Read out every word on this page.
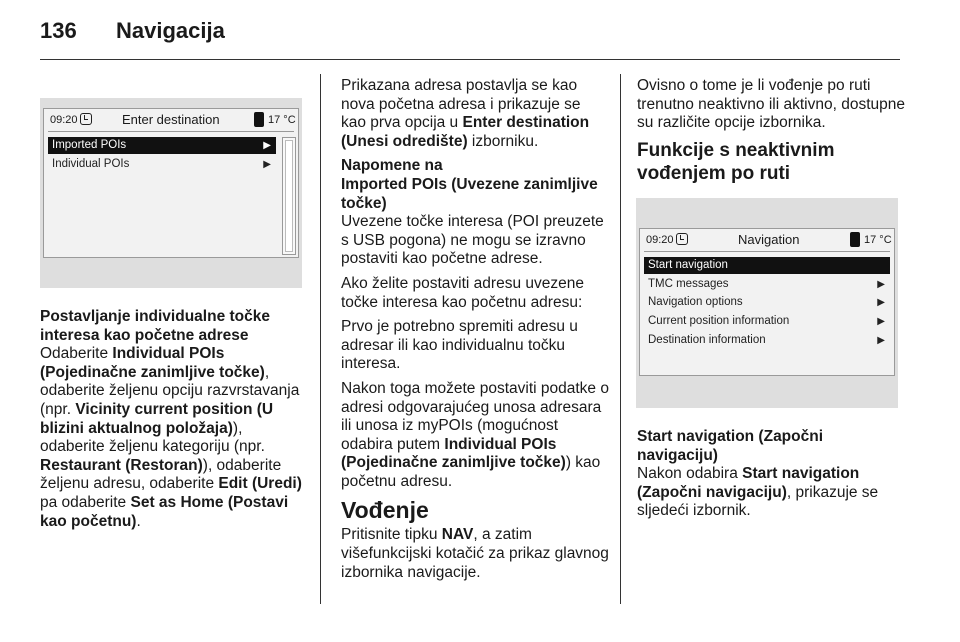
136 Navigacija
09:20	Enter destination	17 °C
Imported POIs	▶
Individual POIs	▶
Postavljanje individualne točke interesa kao početne adrese

Odaberite Individual POIs (Pojedinačne zanimljive točke), odaberite željenu opciju razvrstavanja (npr. Vicinity current position (U blizini aktualnog položaja)), odaberite željenu kategoriju (npr. Restaurant (Restoran)), odaberite željenu adresu, odaberite Edit (Uredi) pa odaberite Set as Home (Postavi kao početnu).

Prikazana adresa postavlja se kao nova početna adresa i prikazuje se kao prva opcija u Enter destination (Unesi odredište) izborniku.

Napomene na
Imported POIs (Uvezene zanimljive točke)

Uvezene točke interesa (POI preuzete s USB pogona) ne mogu se izravno postaviti kao početne adrese.

Ako želite postaviti adresu uvezene točke interesa kao početnu adresu:

Prvo je potrebno spremiti adresu u adresar ili kao individualnu točku interesa.

Nakon toga možete postaviti podatke o adresi odgovarajućeg unosa adresara ili unosa iz myPOIs (mogućnost odabira putem Individual POIs (Pojedinačne zanimljive točke)) kao početnu adresu.

Vođenje

Pritisnite tipku NAV, a zatim višefunkcijski kotačić za prikaz glavnog izbornika navigacije.

Ovisno o tome je li vođenje po ruti trenutno neaktivno ili aktivno, dostupne su različite opcije izbornika.

Funkcije s neaktivnim vođenjem po ruti
09:20	Navigation	17 °C
Start navigation
TMC messages	▶
Navigation options	▶
Current position information	▶
Destination information	▶
Start navigation (Započni navigaciju)

Nakon odabira Start navigation (Započni navigaciju), prikazuje se sljedeći izbornik.
